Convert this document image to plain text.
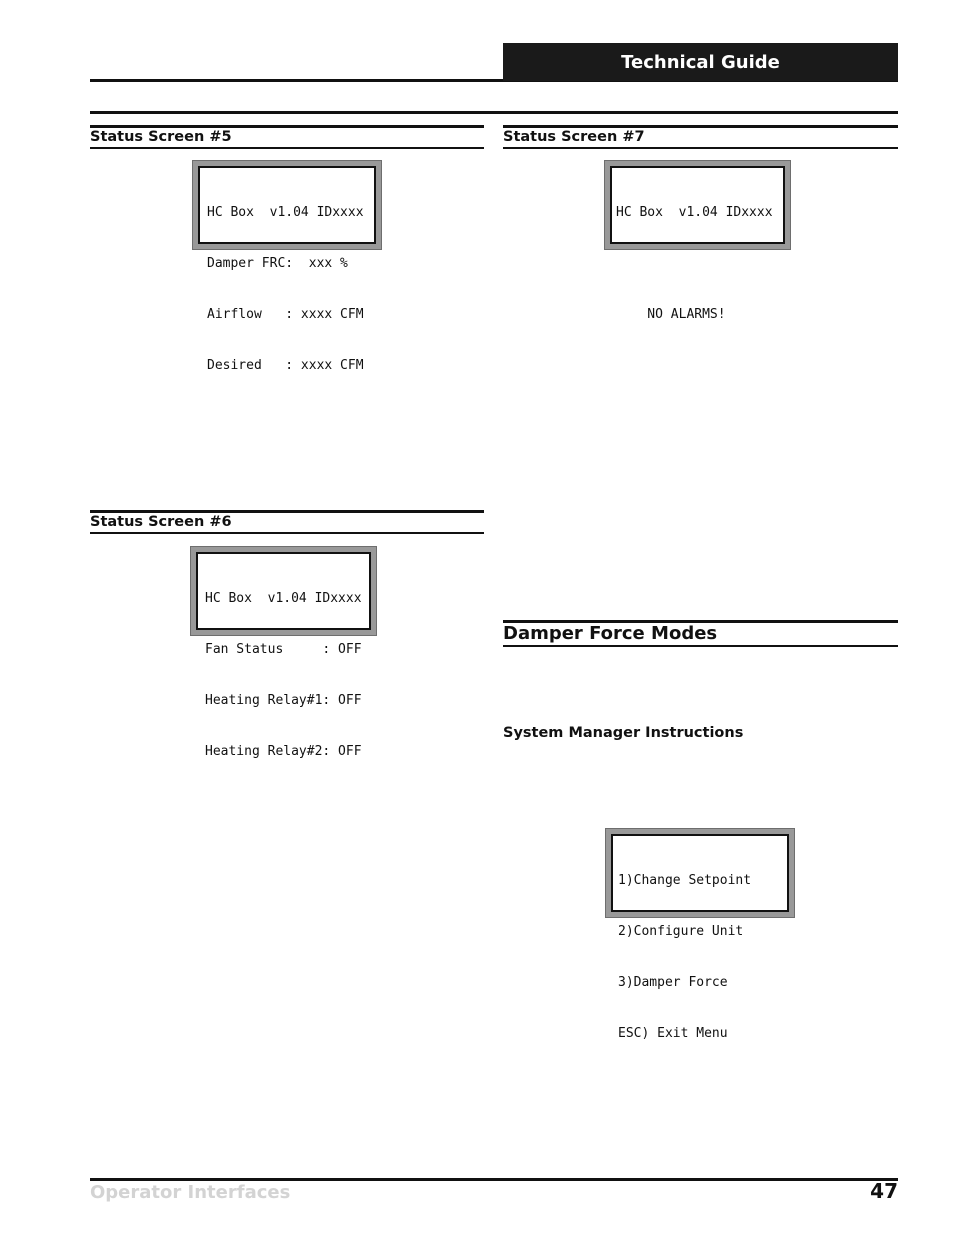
Technical Guide
Status Screen #5

HC Box  v1.04 IDxxxx

Damper FRC:  xxx %

Airflow   : xxxx CFM

Desired   : xxxx CFM

Status Screen #6

HC Box  v1.04 IDxxxx

Fan Status     : OFF

Heating Relay#1: OFF

Heating Relay#2: OFF

Status Screen #7

HC Box  v1.04 IDxxxx

NO ALARMS!

Damper Force Modes
System Manager Instructions

1)Change Setpoint

2)Configure Unit

3)Damper Force

ESC) Exit Menu

Operator Interfaces	47
